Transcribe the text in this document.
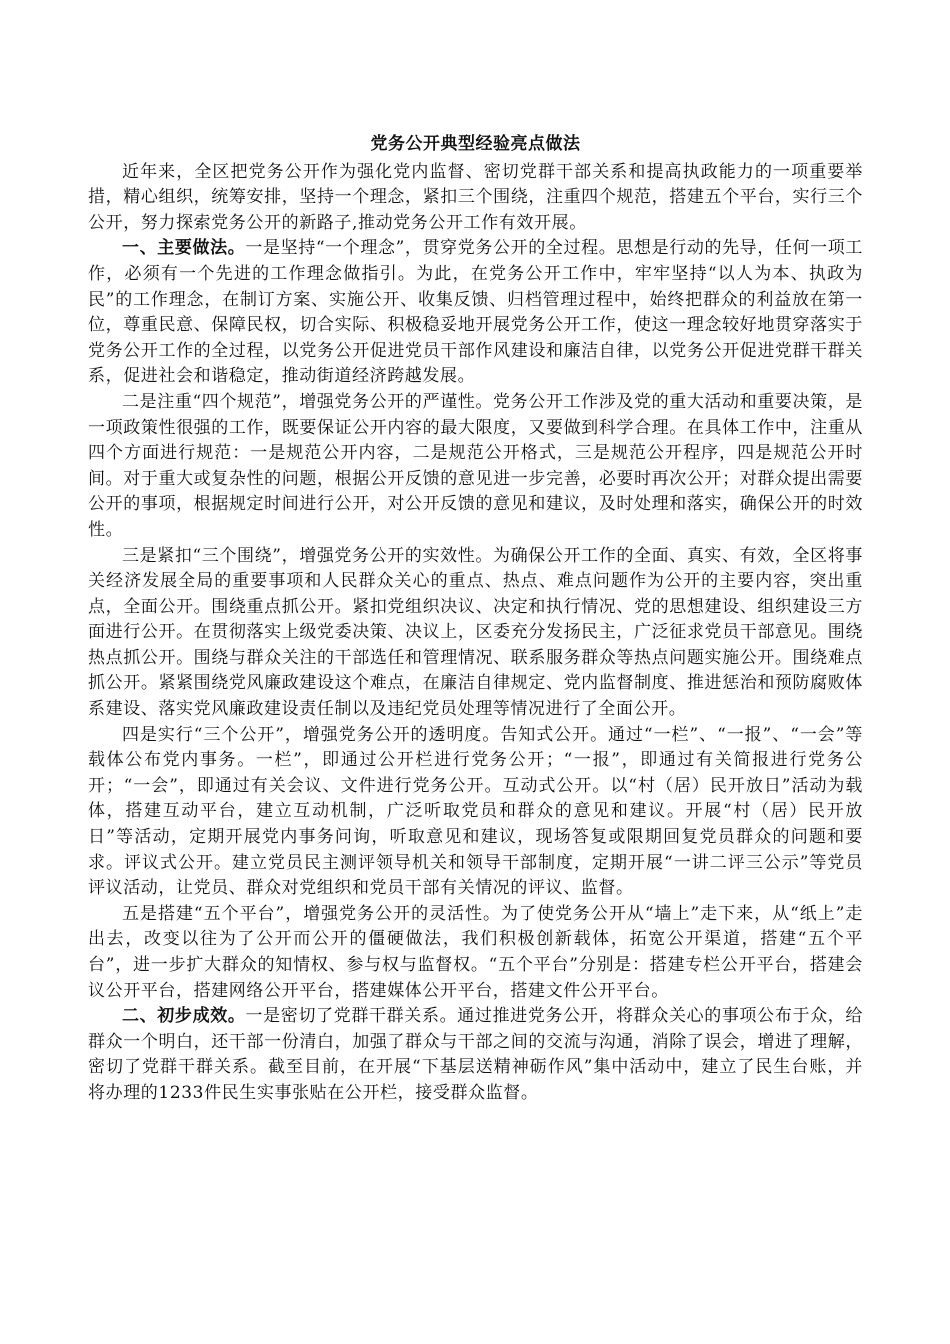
党务公开典型经验亮点做法

近年来，全区把党务公开作为强化党内监督、密切党群干部关系和提高执政能力的一项重要举措，精心组织，统筹安排，坚持一个理念，紧扣三个围绕，注重四个规范，搭建五个平台，实行三个公开，努力探索党务公开的新路子,推动党务公开工作有效开展。

一、主要做法。一是坚持“一个理念”，贯穿党务公开的全过程。思想是行动的先导，任何一项工作，必须有一个先进的工作理念做指引。为此，在党务公开工作中，牢牢坚持“以人为本、执政为民”的工作理念，在制订方案、实施公开、收集反馈、归档管理过程中，始终把群众的利益放在第一位，尊重民意、保障民权，切合实际、积极稳妥地开展党务公开工作，使这一理念较好地贯穿落实于党务公开工作的全过程，以党务公开促进党员干部作风建设和廉洁自律，以党务公开促进党群干群关系，促进社会和谐稳定，推动街道经济跨越发展。

二是注重“四个规范”，增强党务公开的严谨性。党务公开工作涉及党的重大活动和重要决策，是一项政策性很强的工作，既要保证公开内容的最大限度，又要做到科学合理。在具体工作中，注重从四个方面进行规范：一是规范公开内容，二是规范公开格式，三是规范公开程序，四是规范公开时间。对于重大或复杂性的问题，根据公开反馈的意见进一步完善，必要时再次公开；对群众提出需要公开的事项，根据规定时间进行公开，对公开反馈的意见和建议，及时处理和落实，确保公开的时效性。

三是紧扣“三个围绕”，增强党务公开的实效性。为确保公开工作的全面、真实、有效，全区将事关经济发展全局的重要事项和人民群众关心的重点、热点、难点问题作为公开的主要内容，突出重点，全面公开。围绕重点抓公开。紧扣党组织决议、决定和执行情况、党的思想建设、组织建设三方面进行公开。在贯彻落实上级党委决策、决议上，区委充分发扬民主，广泛征求党员干部意见。围绕热点抓公开。围绕与群众关注的干部选任和管理情况、联系服务群众等热点问题实施公开。围绕难点抓公开。紧紧围绕党风廉政建设这个难点，在廉洁自律规定、党内监督制度、推进惩治和预防腐败体系建设、落实党风廉政建设责任制以及违纪党员处理等情况进行了全面公开。

四是实行“三个公开”，增强党务公开的透明度。告知式公开。通过“一栏”、“一报”、“一会”等载体公布党内事务。一栏”，即通过公开栏进行党务公开；“一报”，即通过有关简报进行党务公开；“一会”，即通过有关会议、文件进行党务公开。互动式公开。以“村（居）民开放日”活动为载体，搭建互动平台，建立互动机制，广泛听取党员和群众的意见和建议。开展“村（居）民开放日”等活动，定期开展党内事务问询，听取意见和建议，现场答复或限期回复党员群众的问题和要求。评议式公开。建立党员民主测评领导机关和领导干部制度，定期开展“一讲二评三公示”等党员评议活动，让党员、群众对党组织和党员干部有关情况的评议、监督。

五是搭建“五个平台”，增强党务公开的灵活性。为了使党务公开从“墙上”走下来，从“纸上”走出去，改变以往为了公开而公开的僵硬做法，我们积极创新载体，拓宽公开渠道，搭建“五个平台”，进一步扩大群众的知情权、参与权与监督权。“五个平台”分别是：搭建专栏公开平台，搭建会议公开平台，搭建网络公开平台，搭建媒体公开平台，搭建文件公开平台。

二、初步成效。一是密切了党群干群关系。通过推进党务公开，将群众关心的事项公布于众，给群众一个明白，还干部一份清白，加强了群众与干部之间的交流与沟通，消除了误会，增进了理解，密切了党群干群关系。截至目前，在开展“下基层送精神砺作风”集中活动中，建立了民生台账，并将办理的1233件民生实事张贴在公开栏，接受群众监督。
